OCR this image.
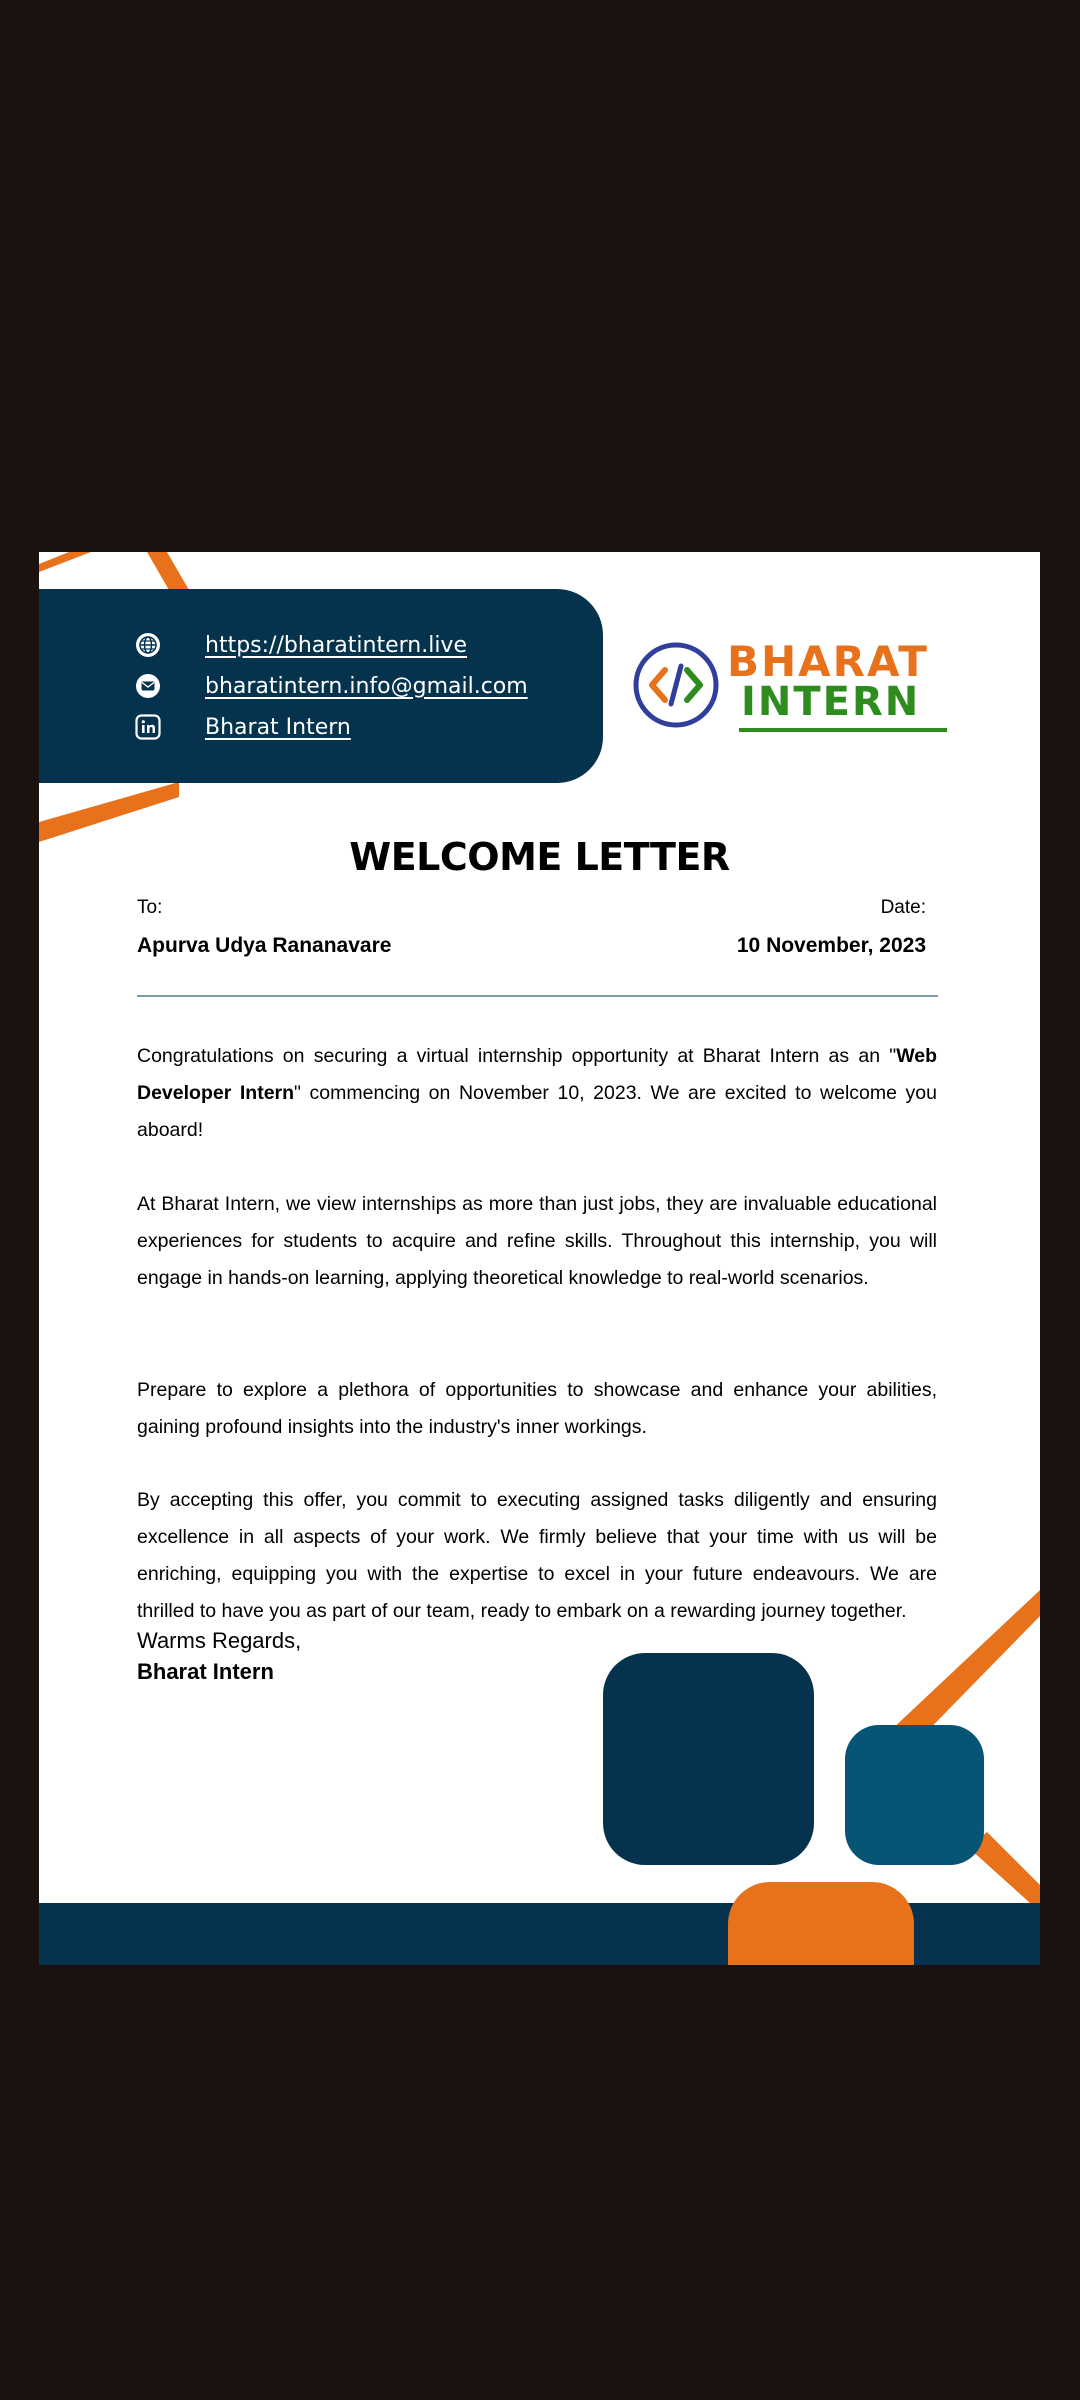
https://bharatintern.live
bharatintern.info@gmail.com
Bharat Intern
BHARAT
INTERN
WELCOME LETTER
To:	Date:
Apurva Udya Rananavare	10 November, 2023

Congratulations on securing a virtual internship opportunity at Bharat Intern as an "Web Developer Intern" commencing on November 10, 2023. We are excited to welcome you aboard!

At Bharat Intern, we view internships as more than just jobs, they are invaluable educational experiences for students to acquire and refine skills. Throughout this internship, you will engage in hands-on learning, applying theoretical knowledge to real-world scenarios.

Prepare to explore a plethora of opportunities to showcase and enhance your abilities, gaining profound insights into the industry's inner workings.

By accepting this offer, you commit to executing assigned tasks diligently and ensuring excellence in all aspects of your work. We firmly believe that your time with us will be enriching, equipping you with the expertise to excel in your future endeavours. We are thrilled to have you as part of our team, ready to embark on a rewarding journey together.

Warms Regards,
Bharat Intern
